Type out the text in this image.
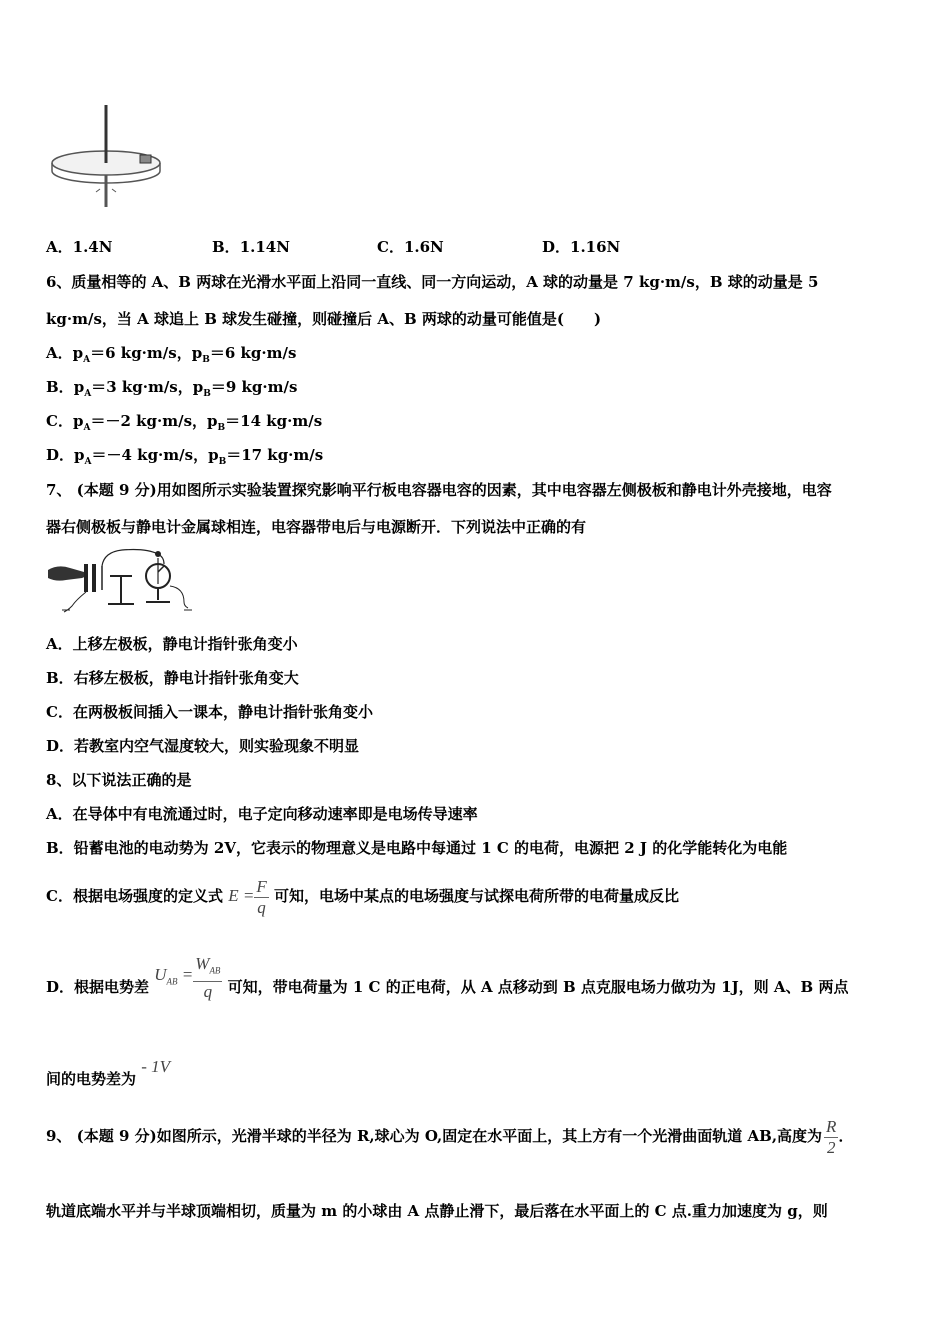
A．1.4N	B．1.14N	C．1.6N	D．1.16N
6、质量相等的 A、B 两球在光滑水平面上沿同一直线、同一方向运动，A 球的动量是 7 kg·m/s，B 球的动量是 5
kg·m/s，当 A 球追上 B 球发生碰撞，则碰撞后 A、B 两球的动量可能值是(　　)
A．$p_A=6$ kg·m/s，$p_B=6$ kg·m/s
B．$p_A=3$ kg·m/s，$p_B=9$ kg·m/s
C．$p_A=-2$ kg·m/s，$p_B=14$ kg·m/s
D．$p_A=-4$ kg·m/s，$p_B=17$ kg·m/s
7、 (本题 9 分)用如图所示实验装置探究影响平行板电容器电容的因素，其中电容器左侧极板和静电计外壳接地，电容
器右侧极板与静电计金属球相连，电容器带电后与电源断开．下列说法中正确的有
A．上移左极板，静电计指针张角变小
B．右移左极板，静电计指针张角变大
C．在两极板间插入一课本，静电计指针张角变小
D．若教室内空气湿度较大，则实验现象不明显
8、以下说法正确的是
A．在导体中有电流通过时，电子定向移动速率即是电场传导速率
B．铅蓄电池的电动势为 2V，它表示的物理意义是电路中每通过 1 C 的电荷，电源把 2 J 的化学能转化为电能
C．根据电场强度的定义式 $E = \frac{F}{q}$ 可知，电场中某点的电场强度与试探电荷所带的电荷量成反比
D．根据电势差 $U_{AB} = \frac{W_{AB}}{q}$ 可知，带电荷量为 1 C 的正电荷，从 A 点移动到 B 点克服电场力做功为 1J，则 A、B 两点
间的电势差为 - 1V
9、 (本题 9 分)如图所示，光滑半球的半径为 R,球心为 O,固定在水平面上，其上方有一个光滑曲面轨道 AB,高度为 $\frac{R}{2}$ ．
轨道底端水平并与半球顶端相切，质量为 m 的小球由 A 点静止滑下，最后落在水平面上的 C 点.重力加速度为 g，则
